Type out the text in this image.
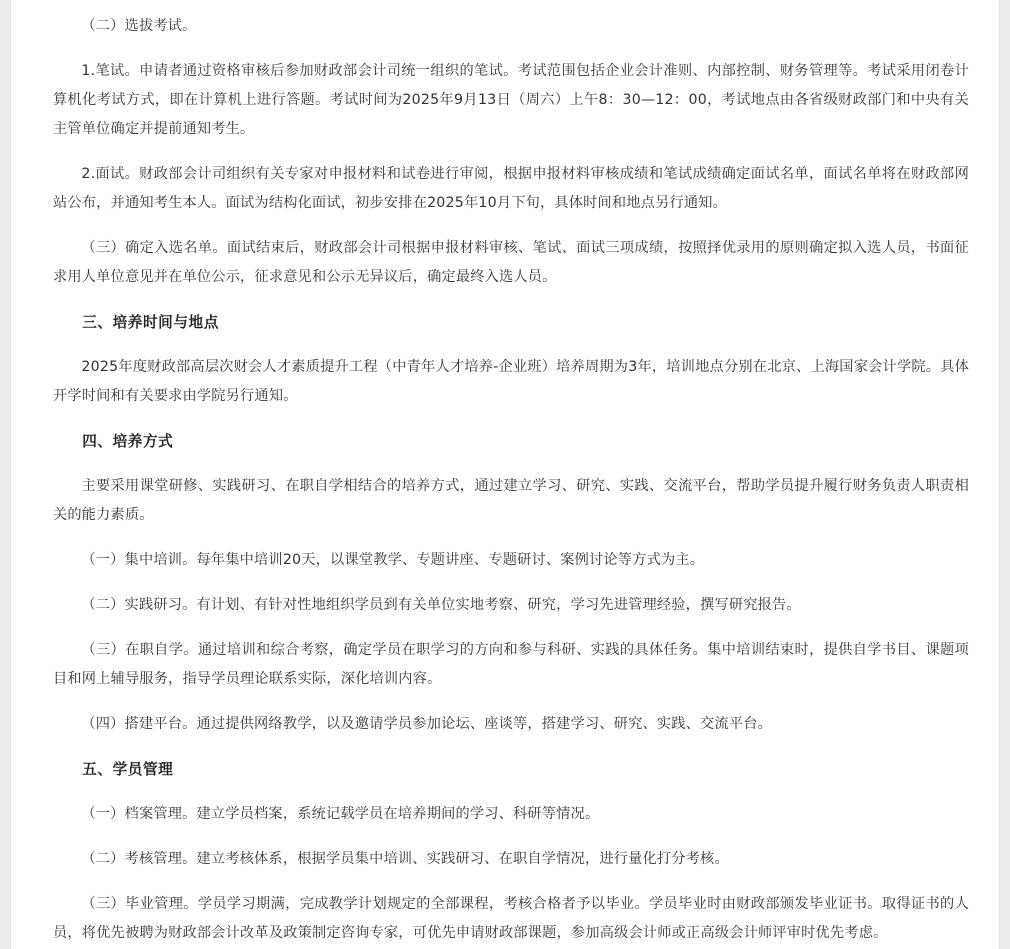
（二）选拔考试。

1.笔试。申请者通过资格审核后参加财政部会计司统一组织的笔试。考试范围包括企业会计准则、内部控制、财务管理等。考试采用闭卷计算机化考试方式，即在计算机上进行答题。考试时间为2025年9月13日（周六）上午8：30—12：00，考试地点由各省级财政部门和中央有关主管单位确定并提前通知考生。

2.面试。财政部会计司组织有关专家对申报材料和试卷进行审阅，根据申报材料审核成绩和笔试成绩确定面试名单，面试名单将在财政部网站公布，并通知考生本人。面试为结构化面试，初步安排在2025年10月下旬，具体时间和地点另行通知。

（三）确定入选名单。面试结束后，财政部会计司根据申报材料审核、笔试、面试三项成绩，按照择优录用的原则确定拟入选人员，书面征求用人单位意见并在单位公示，征求意见和公示无异议后，确定最终入选人员。

三、培养时间与地点

2025年度财政部高层次财会人才素质提升工程（中青年人才培养-企业班）培养周期为3年，培训地点分别在北京、上海国家会计学院。具体开学时间和有关要求由学院另行通知。

四、培养方式

主要采用课堂研修、实践研习、在职自学相结合的培养方式，通过建立学习、研究、实践、交流平台，帮助学员提升履行财务负责人职责相关的能力素质。

（一）集中培训。每年集中培训20天，以课堂教学、专题讲座、专题研讨、案例讨论等方式为主。

（二）实践研习。有计划、有针对性地组织学员到有关单位实地考察、研究，学习先进管理经验，撰写研究报告。

（三）在职自学。通过培训和综合考察，确定学员在职学习的方向和参与科研、实践的具体任务。集中培训结束时，提供自学书目、课题项目和网上辅导服务，指导学员理论联系实际，深化培训内容。

（四）搭建平台。通过提供网络教学，以及邀请学员参加论坛、座谈等，搭建学习、研究、实践、交流平台。

五、学员管理

（一）档案管理。建立学员档案，系统记载学员在培养期间的学习、科研等情况。

（二）考核管理。建立考核体系，根据学员集中培训、实践研习、在职自学情况，进行量化打分考核。

（三）毕业管理。学员学习期满，完成教学计划规定的全部课程，考核合格者予以毕业。学员毕业时由财政部颁发毕业证书。取得证书的人员，将优先被聘为财政部会计改革及政策制定咨询专家，可优先申请财政部课题，参加高级会计师或正高级会计师评审时优先考虑。
